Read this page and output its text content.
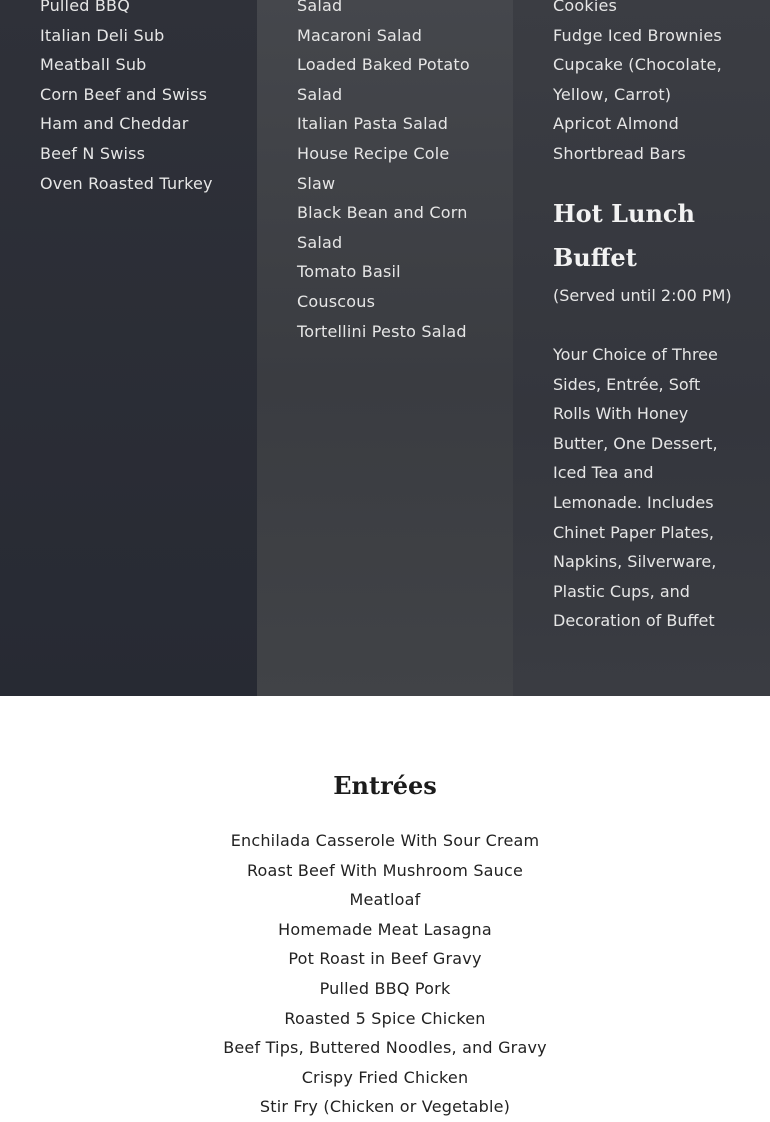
Pulled BBQ
Italian Deli Sub
Meatball Sub
Corn Beef and Swiss
Ham and Cheddar
Beef N Swiss
Oven Roasted Turkey
Salad
Macaroni Salad
Loaded Baked Potato Salad
Italian Pasta Salad
House Recipe Cole Slaw
Black Bean and Corn Salad
Tomato Basil Couscous
Tortellini Pesto Salad
Cookies
Fudge Iced Brownies
Cupcake (Chocolate, Yellow, Carrot)
Apricot Almond Shortbread Bars
Hot Lunch Buffet

(Served until 2:00 PM)

Your Choice of Three Sides, Entrée, Soft Rolls With Honey Butter, One Dessert, Iced Tea and Lemonade. Includes Chinet Paper Plates, Napkins, Silverware, Plastic Cups, and Decoration of Buffet

Entrées
Enchilada Casserole With Sour Cream
Roast Beef With Mushroom Sauce
Meatloaf
Homemade Meat Lasagna
Pot Roast in Beef Gravy
Pulled BBQ Pork
Roasted 5 Spice Chicken
Beef Tips, Buttered Noodles, and Gravy
Crispy Fried Chicken
Stir Fry (Chicken or Vegetable)
